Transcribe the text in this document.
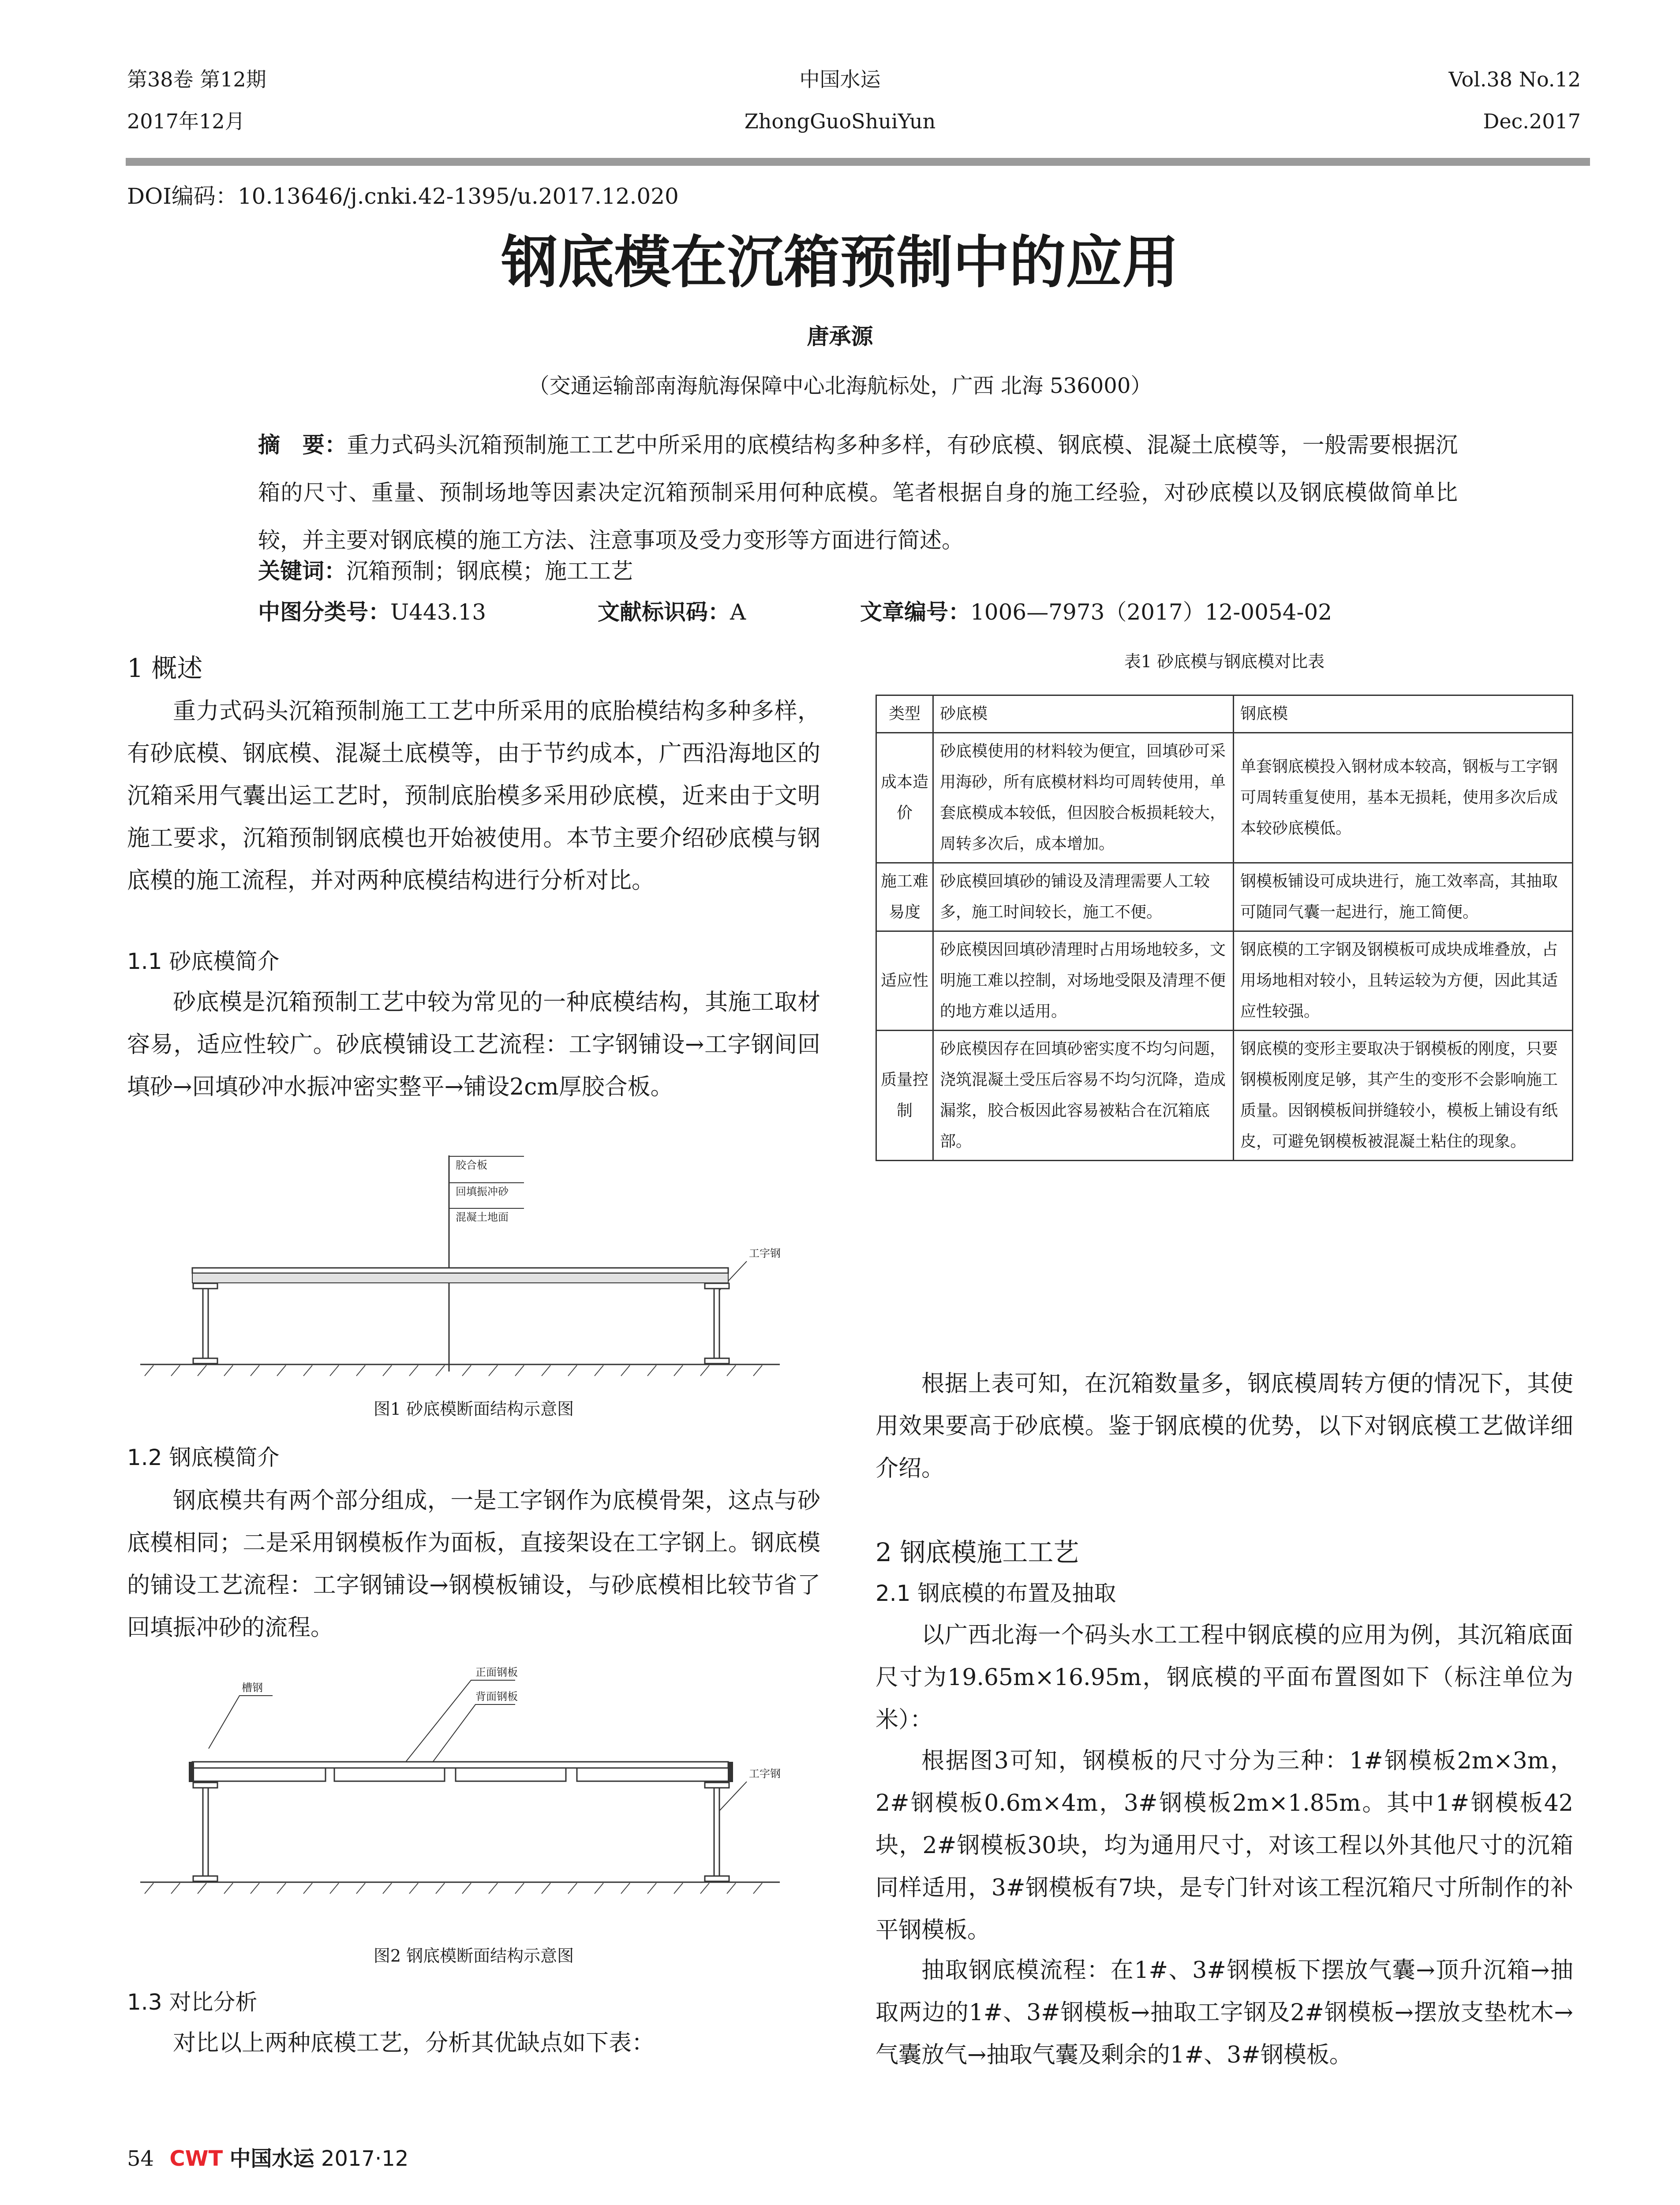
第38卷 第12期
2017年12月
中国水运
ZhongGuoShuiYun
Vol.38 No.12
Dec.2017
DOI编码：10.13646/j.cnki.42-1395/u.2017.12.020
钢底模在沉箱预制中的应用
唐承源
（交通运输部南海航海保障中心北海航标处，广西 北海 536000）
摘　要：重力式码头沉箱预制施工工艺中所采用的底模结构多种多样，有砂底模、钢底模、混凝土底模等，一般需要根据沉箱的尺寸、重量、预制场地等因素决定沉箱预制采用何种底模。笔者根据自身的施工经验，对砂底模以及钢底模做简单比较，并主要对钢底模的施工方法、注意事项及受力变形等方面进行简述。
关键词：沉箱预制；钢底模；施工工艺
中图分类号：U443.13	文献标识码：A	文章编号：1006—7973（2017）12-0054-02
1 概述

重力式码头沉箱预制施工工艺中所采用的底胎模结构多种多样，有砂底模、钢底模、混凝土底模等，由于节约成本，广西沿海地区的沉箱采用气囊出运工艺时，预制底胎模多采用砂底模，近来由于文明施工要求，沉箱预制钢底模也开始被使用。本节主要介绍砂底模与钢底模的施工流程，并对两种底模结构进行分析对比。

1.1 砂底模简介

砂底模是沉箱预制工艺中较为常见的一种底模结构，其施工取材容易，适应性较广。砂底模铺设工艺流程：工字钢铺设→工字钢间回填砂→回填砂冲水振冲密实整平→铺设2cm厚胶合板。

胶合板
回填振冲砂
混凝土地面
工字钢
图1 砂底模断面结构示意图
1.2 钢底模简介

钢底模共有两个部分组成，一是工字钢作为底模骨架，这点与砂底模相同；二是采用钢模板作为面板，直接架设在工字钢上。钢底模的铺设工艺流程：工字钢铺设→钢模板铺设，与砂底模相比较节省了回填振冲砂的流程。

槽钢
正面钢板
背面钢板
工字钢
图2 钢底模断面结构示意图
1.3 对比分析

对比以上两种底模工艺，分析其优缺点如下表：

表1 砂底模与钢底模对比表
类型	砂底模	钢底模
成本造价	砂底模使用的材料较为便宜，回填砂可采用海砂，所有底模材料均可周转使用，单套底模成本较低，但因胶合板损耗较大，周转多次后，成本增加。	单套钢底模投入钢材成本较高，钢板与工字钢可周转重复使用，基本无损耗，使用多次后成本较砂底模低。
施工难易度	砂底模回填砂的铺设及清理需要人工较多，施工时间较长，施工不便。	钢模板铺设可成块进行，施工效率高，其抽取可随同气囊一起进行，施工简便。
适应性	砂底模因回填砂清理时占用场地较多，文明施工难以控制，对场地受限及清理不便的地方难以适用。	钢底模的工字钢及钢模板可成块成堆叠放，占用场地相对较小，且转运较为方便，因此其适应性较强。
质量控制	砂底模因存在回填砂密实度不均匀问题，浇筑混凝土受压后容易不均匀沉降，造成漏浆，胶合板因此容易被粘合在沉箱底部。	钢底模的变形主要取决于钢模板的刚度，只要钢模板刚度足够，其产生的变形不会影响施工质量。因钢模板间拼缝较小，模板上铺设有纸皮，可避免钢模板被混凝土粘住的现象。

根据上表可知，在沉箱数量多，钢底模周转方便的情况下，其使用效果要高于砂底模。鉴于钢底模的优势，以下对钢底模工艺做详细介绍。

2 钢底模施工工艺
2.1 钢底模的布置及抽取

以广西北海一个码头水工工程中钢底模的应用为例，其沉箱底面尺寸为19.65m×16.95m，钢底模的平面布置图如下（标注单位为米）：

根据图3可知，钢模板的尺寸分为三种：1#钢模板2m×3m，2#钢模板0.6m×4m，3#钢模板2m×1.85m。其中1#钢模板42块，2#钢模板30块，均为通用尺寸，对该工程以外其他尺寸的沉箱同样适用，3#钢模板有7块，是专门针对该工程沉箱尺寸所制作的补平钢模板。

抽取钢底模流程：在1#、3#钢模板下摆放气囊→顶升沉箱→抽取两边的1#、3#钢模板→抽取工字钢及2#钢模板→摆放支垫枕木→气囊放气→抽取气囊及剩余的1#、3#钢模板。

54 CWT 中国水运 2017·12
